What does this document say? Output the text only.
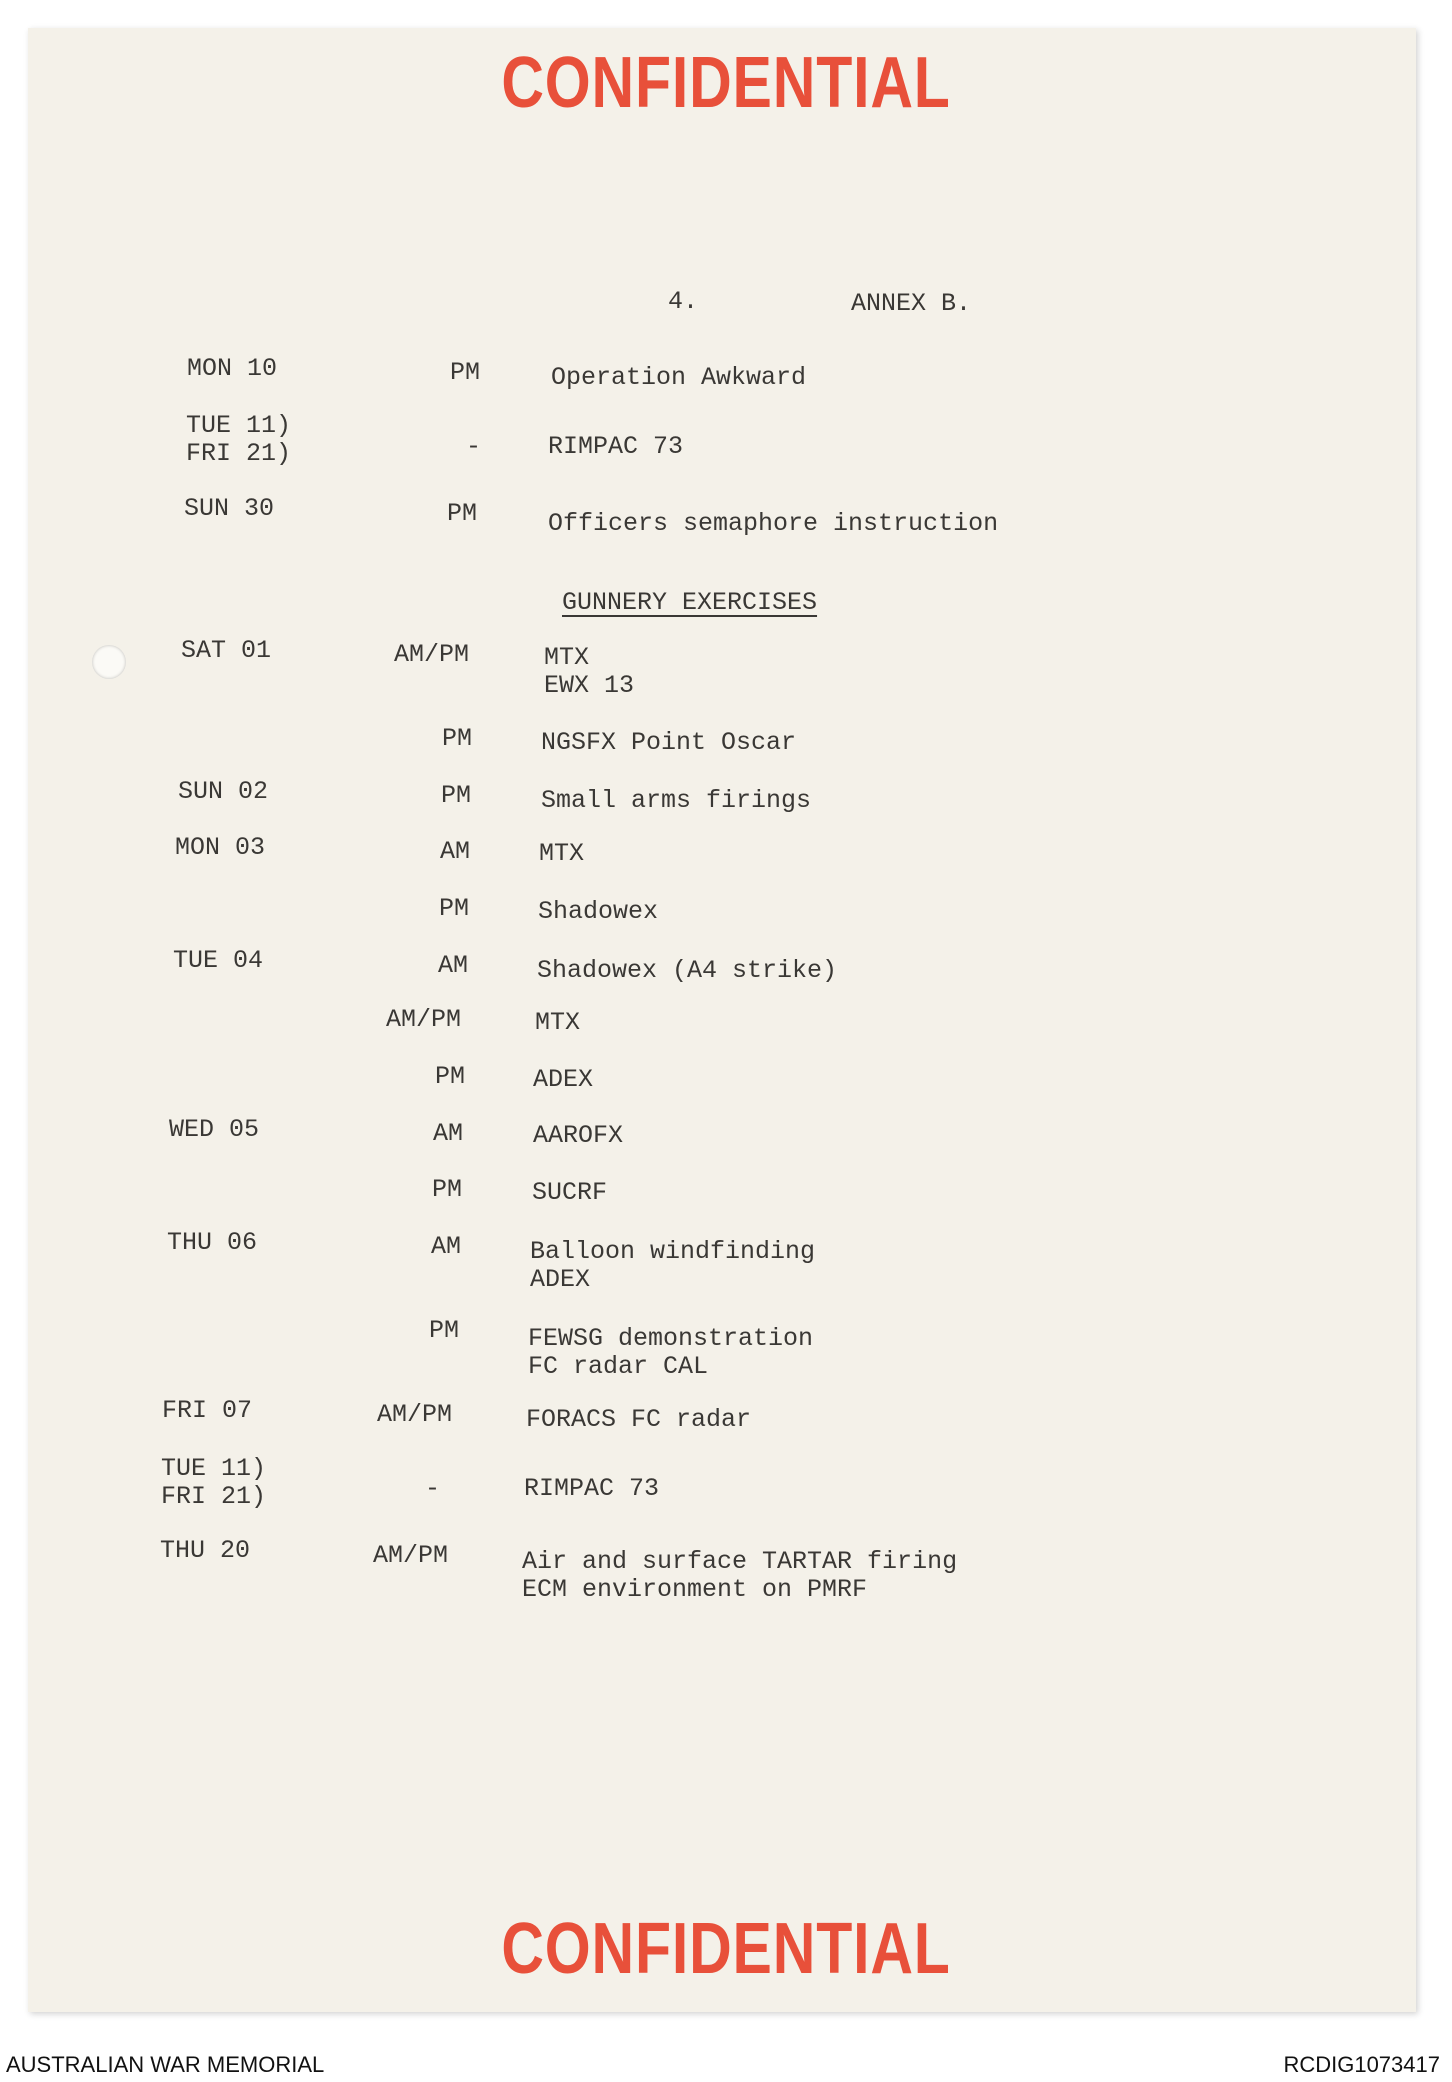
CONFIDENTIAL
4.	ANNEX B.
MON 10	PM	Operation Awkward
TUE 11)
FRI 21)	-	RIMPAC 73
SUN 30	PM	Officers semaphore instruction
GUNNERY EXERCISES
SAT 01	AM/PM	MTX
EWX 13
PM	NGSFX Point Oscar
SUN 02	PM	Small arms firings
MON 03	AM	MTX
PM	Shadowex
TUE 04	AM	Shadowex (A4 strike)
AM/PM	MTX
PM	ADEX
WED 05	AM	AAROFX
PM	SUCRF
THU 06	AM	Balloon windfinding
ADEX
PM	FEWSG demonstration
FC radar CAL
FRI 07	AM/PM	FORACS FC radar
TUE 11)
FRI 21)	-	RIMPAC 73
THU 20	AM/PM	Air and surface TARTAR firing
ECM environment on PMRF
CONFIDENTIAL
AUSTRALIAN WAR MEMORIAL	RCDIG1073417
